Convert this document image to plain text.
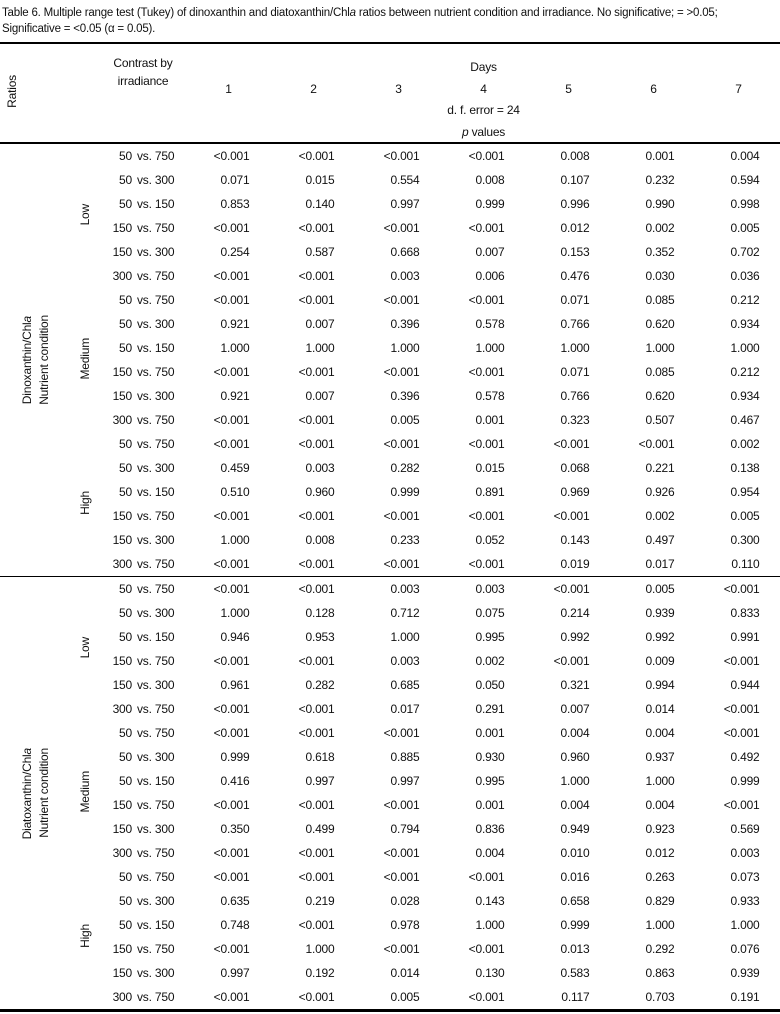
Table 6. Multiple range test (Tukey) of dinoxanthin and diatoxanthin/Chla ratios between nutrient condition and irradiance. No significative; = >0.05; Significative = <0.05 (α = 0.05).

Ratios			Contrast by
irradiance	Days						
				1	2	3	4	5	6	7
				d. f. error = 24						
				p values						

Dinoxanthin/Chla Nutrient condition		Low	50 vs. 750	<0.001	<0.001	<0.001	<0.001	0.008	0.001	0.004
			50 vs. 300	0.071	0.015	0.554	0.008	0.107	0.232	0.594
			50 vs. 150	0.853	0.140	0.997	0.999	0.996	0.990	0.998
			150 vs. 750	<0.001	<0.001	<0.001	<0.001	0.012	0.002	0.005
			150 vs. 300	0.254	0.587	0.668	0.007	0.153	0.352	0.702
			300 vs. 750	<0.001	<0.001	0.003	0.006	0.476	0.030	0.036
		Medium	50 vs. 750	<0.001	<0.001	<0.001	<0.001	0.071	0.085	0.212
			50 vs. 300	0.921	0.007	0.396	0.578	0.766	0.620	0.934
			50 vs. 150	1.000	1.000	1.000	1.000	1.000	1.000	1.000
			150 vs. 750	<0.001	<0.001	<0.001	<0.001	0.071	0.085	0.212
			150 vs. 300	0.921	0.007	0.396	0.578	0.766	0.620	0.934
			300 vs. 750	<0.001	<0.001	0.005	0.001	0.323	0.507	0.467
		High	50 vs. 750	<0.001	<0.001	<0.001	<0.001	<0.001	<0.001	0.002
			50 vs. 300	0.459	0.003	0.282	0.015	0.068	0.221	0.138
			50 vs. 150	0.510	0.960	0.999	0.891	0.969	0.926	0.954
			150 vs. 750	<0.001	<0.001	<0.001	<0.001	<0.001	0.002	0.005
			150 vs. 300	1.000	0.008	0.233	0.052	0.143	0.497	0.300
			300 vs. 750	<0.001	<0.001	<0.001	<0.001	0.019	0.017	0.110

Diatoxanthin/Chla Nutrient condition		Low	50 vs. 750	<0.001	<0.001	0.003	0.003	<0.001	0.005	<0.001
			50 vs. 300	1.000	0.128	0.712	0.075	0.214	0.939	0.833
			50 vs. 150	0.946	0.953	1.000	0.995	0.992	0.992	0.991
			150 vs. 750	<0.001	<0.001	0.003	0.002	<0.001	0.009	<0.001
			150 vs. 300	0.961	0.282	0.685	0.050	0.321	0.994	0.944
			300 vs. 750	<0.001	<0.001	0.017	0.291	0.007	0.014	<0.001
		Medium	50 vs. 750	<0.001	<0.001	<0.001	0.001	0.004	0.004	<0.001
			50 vs. 300	0.999	0.618	0.885	0.930	0.960	0.937	0.492
			50 vs. 150	0.416	0.997	0.997	0.995	1.000	1.000	0.999
			150 vs. 750	<0.001	<0.001	<0.001	0.001	0.004	0.004	<0.001
			150 vs. 300	0.350	0.499	0.794	0.836	0.949	0.923	0.569
			300 vs. 750	<0.001	<0.001	<0.001	0.004	0.010	0.012	0.003
		High	50 vs. 750	<0.001	<0.001	<0.001	<0.001	0.016	0.263	0.073
			50 vs. 300	0.635	0.219	0.028	0.143	0.658	0.829	0.933
			50 vs. 150	0.748	<0.001	0.978	1.000	0.999	1.000	1.000
			150 vs. 750	<0.001	1.000	<0.001	<0.001	0.013	0.292	0.076
			150 vs. 300	0.997	0.192	0.014	0.130	0.583	0.863	0.939
			300 vs. 750	<0.001	<0.001	0.005	<0.001	0.117	0.703	0.191
